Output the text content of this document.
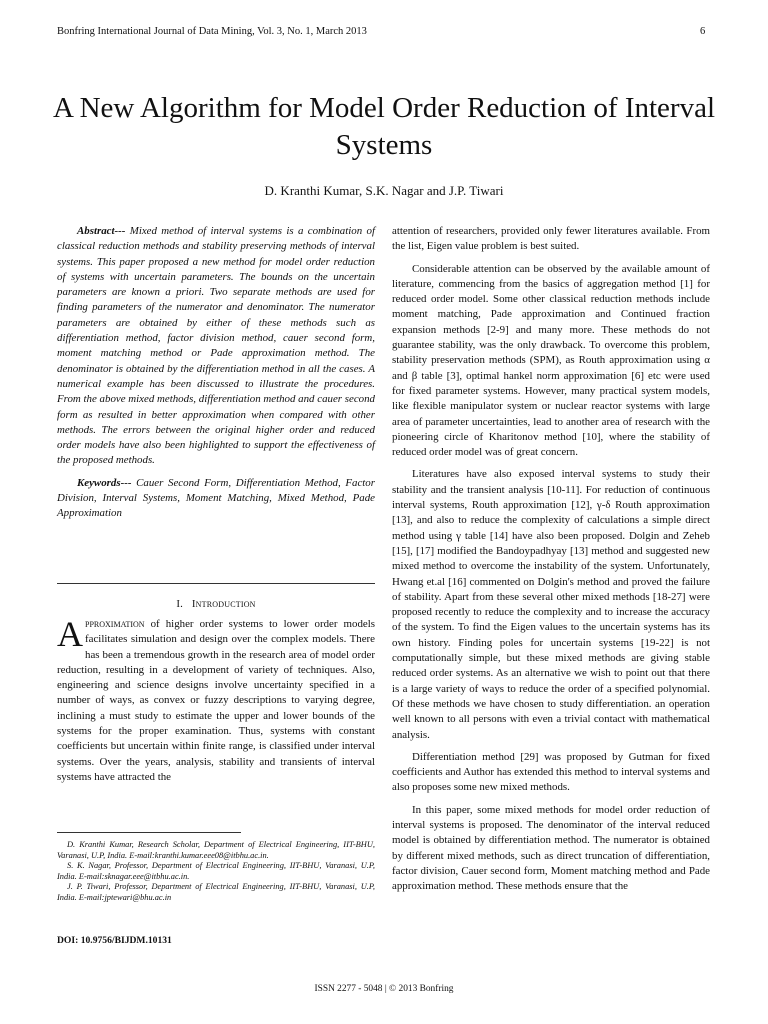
Bonfring International Journal of Data Mining, Vol. 3, No. 1, March 2013	6
A New Algorithm for Model Order Reduction of Interval Systems
D. Kranthi Kumar, S.K. Nagar and J.P. Tiwari

Abstract--- Mixed method of interval systems is a combination of classical reduction methods and stability preserving methods of interval systems. This paper proposed a new method for model order reduction of systems with uncertain parameters. The bounds on the uncertain parameters are known a priori. Two separate methods are used for finding parameters of the numerator and denominator. The numerator parameters are obtained by either of these methods such as differentiation method, factor division method, cauer second form, moment matching method or Pade approximation method. The denominator is obtained by the differentiation method in all the cases. A numerical example has been discussed to illustrate the procedures. From the above mixed methods, differentiation method and cauer second form as resulted in better approximation when compared with other methods. The errors between the original higher order and reduced order models have also been highlighted to support the effectiveness of the proposed methods.

Keywords--- Cauer Second Form, Differentiation Method, Factor Division, Interval Systems, Moment Matching, Mixed Method, Pade Approximation

I. Introduction

Approximation of higher order systems to lower order models facilitates simulation and design over the complex models. There has been a tremendous growth in the research area of model order reduction, resulting in a development of variety of techniques. Also, engineering and science designs involve uncertainty specified in a number of ways, as convex or fuzzy descriptions to varying degree, inclining a must study to estimate the upper and lower bounds of the systems for the proper examination. Thus, systems with constant coefficients but uncertain within finite range, is classified under interval systems. Over the years, analysis, stability and transients of interval systems have attracted the

D. Kranthi Kumar, Research Scholar, Department of Electrical Engineering, IIT-BHU, Varanasi, U.P, India. E-mail:kranthi.kumar.eee08@itbhu.ac.in.
S. K. Nagar, Professor, Department of Electrical Engineering, IIT-BHU, Varanasi, U.P, India. E-mail:sknagar.eee@itbhu.ac.in.
J. P. Tiwari, Professor, Department of Electrical Engineering, IIT-BHU, Varanasi, U.P, India. E-mail:jptewari@bhu.ac.in
DOI: 10.9756/BIJDM.10131

attention of researchers, provided only fewer literatures available. From the list, Eigen value problem is best suited.

Considerable attention can be observed by the available amount of literature, commencing from the basics of aggregation method [1] for reduced order model. Some other classical reduction methods include moment matching, Pade approximation and Continued fraction expansion methods [2-9] and many more. These methods do not guarantee stability, was the only drawback. To overcome this problem, stability preservation methods (SPM), as Routh approximation using α and β table [3], optimal hankel norm approximation [6] etc were used for fixed parameter systems. However, many practical system models, like flexible manipulator system or nuclear reactor systems with large area of parameter uncertainties, lead to another area of research with the pioneering circle of Kharitonov method [10], where the stability of reduced order model was of great concern.

Literatures have also exposed interval systems to study their stability and the transient analysis [10-11]. For reduction of continuous interval systems, Routh approximation [12], γ-δ Routh approximation [13], and also to reduce the complexity of calculations a simple direct method using γ table [14] have also been proposed. Dolgin and Zeheb [15], [17] modified the Bandoypadhyay [13] method and suggested new mixed method to overcome the instability of the system. Unfortunately, Hwang et.al [16] commented on Dolgin's method and proved the failure of stability. Apart from these several other mixed methods [18-27] were proposed recently to reduce the complexity and to increase the accuracy of the system. To find the Eigen values to the uncertain systems has its own history. Finding poles for uncertain systems [19-22] is not computationally simple, but these mixed methods are giving stable reduced order systems. As an alternative we wish to point out that there is a large variety of ways to reduce the order of a specified polynomial. Of these methods we have chosen to study differentiation. an operation well known to all persons with even a trivial contact with mathematical analysis.

Differentiation method [29] was proposed by Gutman for fixed coefficients and Author has extended this method to interval systems and also proposes some new mixed methods.

In this paper, some mixed methods for model order reduction of interval systems is proposed. The denominator of the interval reduced model is obtained by differentiation method. The numerator is obtained by different mixed methods, such as direct truncation of differentiation, factor division, Cauer second form, Moment matching method and Pade approximation method. These methods ensure that the

ISSN 2277 - 5048 | © 2013 Bonfring
